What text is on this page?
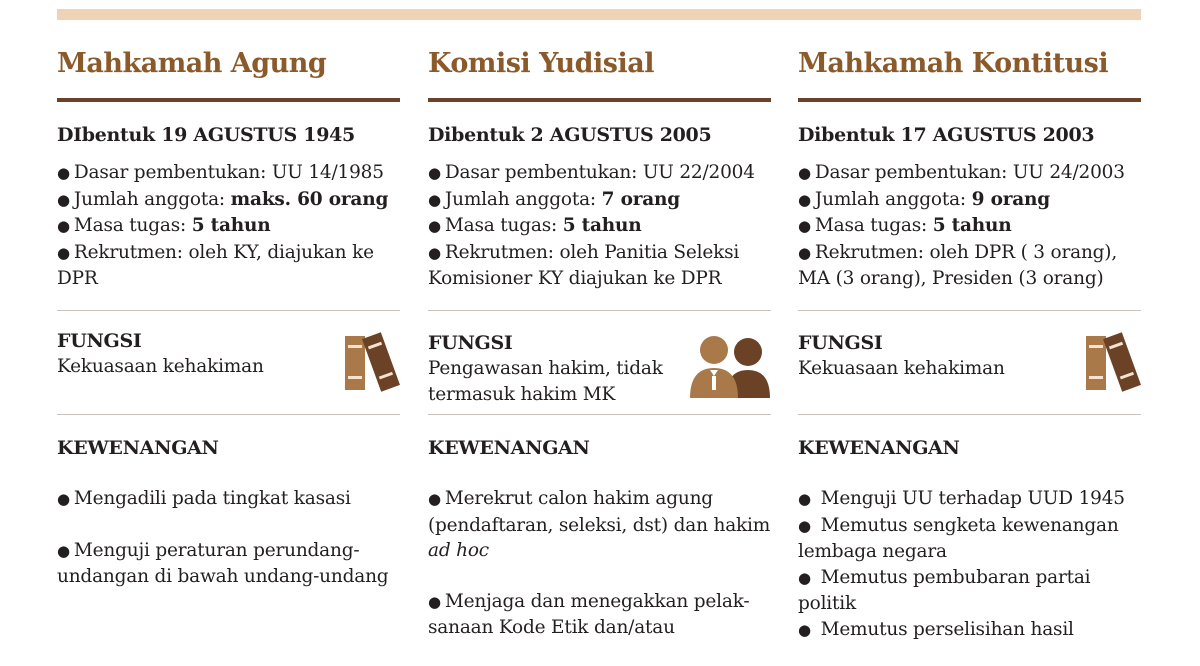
Mahkamah Agung
DIbentuk 19 AGUSTUS 1945
● Dasar pembentukan: UU 14/1985
● Jumlah anggota: maks. 60 orang
● Masa tugas: 5 tahun
● Rekrutmen: oleh KY, diajukan ke DPR
FUNGSI
Kekuasaan kehakiman
KEWENANGAN
● Mengadili pada tingkat kasasi
● Menguji peraturan perundang-undangan di bawah undang-undang
Komisi Yudisial
Dibentuk 2 AGUSTUS 2005
● Dasar pembentukan: UU 22/2004
● Jumlah anggota: 7 orang
● Masa tugas: 5 tahun
● Rekrutmen: oleh Panitia Seleksi Komisioner KY diajukan ke DPR
FUNGSI
Pengawasan hakim, tidak termasuk hakim MK
KEWENANGAN
● Merekrut calon hakim agung (pendaftaran, seleksi, dst) dan hakim ad hoc
● Menjaga dan menegakkan pelak-sanaan Kode Etik dan/atau
Mahkamah Kontitusi
Dibentuk 17 AGUSTUS 2003
● Dasar pembentukan: UU 24/2003
● Jumlah anggota: 9 orang
● Masa tugas: 5 tahun
● Rekrutmen: oleh DPR ( 3 orang), MA (3 orang), Presiden (3 orang)
FUNGSI
Kekuasaan kehakiman
KEWENANGAN
● Menguji UU terhadap UUD 1945
● Memutus sengketa kewenangan lembaga negara
● Memutus pembubaran partai politik
● Memutus perselisihan hasil
